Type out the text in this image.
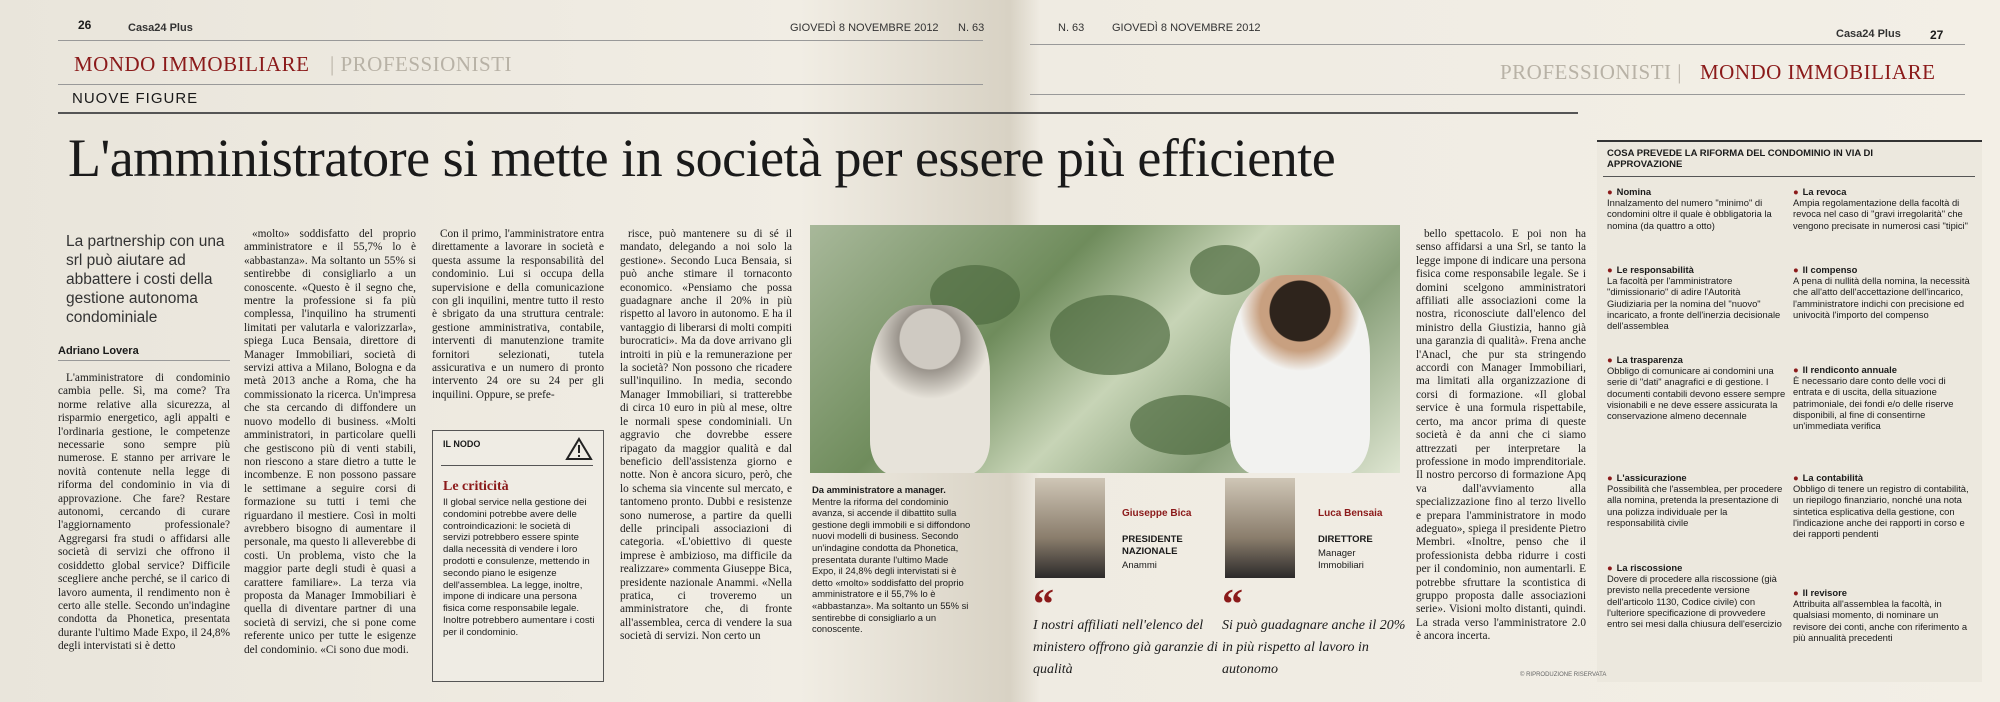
26	Casa24 Plus	GIOVEDÌ 8 NOVEMBRE 2012 N. 63
MONDO IMMOBILIARE | PROFESSIONISTI
NUOVE FIGURE
N. 63	GIOVEDÌ 8 NOVEMBRE 2012	Casa24 Plus 27
PROFESSIONISTI | MONDO IMMOBILIARE
L'amministratore si mette in società per essere più efficiente
La partnership con una srl può aiutare ad abbattere i costi della gestione autonoma condominiale
Adriano Lovera

L'amministratore di condominio cambia pelle. Sì, ma come? Tra norme relative alla sicurezza, al risparmio energetico, agli appalti e l'ordinaria gestione, le competenze necessarie sono sempre più numerose. E stanno per arrivare le novità contenute nella legge di riforma del condominio in via di approvazione. Che fare? Restare autonomi, cercando di curare l'aggiornamento professionale? Aggregarsi fra studi o affidarsi alle società di servizi che offrono il cosiddetto global service? Difficile scegliere anche perché, se il carico di lavoro aumenta, il rendimento non è certo alle stelle. Secondo un'indagine condotta da Phonetica, presentata durante l'ultimo Made Expo, il 24,8% degli intervistati si è detto

«molto» soddisfatto del proprio amministratore e il 55,7% lo è «abbastanza». Ma soltanto un 55% si sentirebbe di consigliarlo a un conoscente. «Questo è il segno che, mentre la professione si fa più complessa, l'inquilino ha strumenti limitati per valutarla e valorizzarla», spiega Luca Bensaia, direttore di Manager Immobiliari, società di servizi attiva a Milano, Bologna e da metà 2013 anche a Roma, che ha commissionato la ricerca. Un'impresa che sta cercando di diffondere un nuovo modello di business. «Molti amministratori, in particolare quelli che gestiscono più di venti stabili, non riescono a stare dietro a tutte le incombenze. E non possono passare le settimane a seguire corsi di formazione su tutti i temi che riguardano il mestiere. Così in molti avrebbero bisogno di aumentare il personale, ma questo li alleverebbe di costi. Un problema, visto che la maggior parte degli studi è quasi a carattere familiare». La terza via proposta da Manager Immobiliari è quella di diventare partner di una società di servizi, che si pone come referente unico per tutte le esigenze del condominio. «Ci sono due modi.

Con il primo, l'amministratore entra direttamente a lavorare in società e questa assume la responsabilità del condominio. Lui si occupa della supervisione e della comunicazione con gli inquilini, mentre tutto il resto è sbrigato da una struttura centrale: gestione amministrativa, contabile, interventi di manutenzione tramite fornitori selezionati, tutela assicurativa e un numero di pronto intervento 24 ore su 24 per gli inquilini. Oppure, se prefe-

risce, può mantenere su di sé il mandato, delegando a noi solo la gestione». Secondo Luca Bensaia, si può anche stimare il tornaconto economico. «Pensiamo che possa guadagnare anche il 20% in più rispetto al lavoro in autonomo. E ha il vantaggio di liberarsi di molti compiti burocratici». Ma da dove arrivano gli introiti in più e la remunerazione per la società? Non possono che ricadere sull'inquilino. In media, secondo Manager Immobiliari, si tratterebbe di circa 10 euro in più al mese, oltre le normali spese condominiali. Un aggravio che dovrebbe essere ripagato da maggior qualità e dal beneficio dell'assistenza giorno e notte. Non è ancora sicuro, però, che lo schema sia vincente sul mercato, e tantomeno pronto. Dubbi e resistenze sono numerose, a partire da quelli delle principali associazioni di categoria. «L'obiettivo di queste imprese è ambizioso, ma difficile da realizzare» commenta Giuseppe Bica, presidente nazionale Anammi. «Nella pratica, ci troveremo un amministratore che, di fronte all'assemblea, cerca di vendere la sua società di servizi. Non certo un

bello spettacolo. E poi non ha senso affidarsi a una Srl, se tanto la legge impone di indicare una persona fisica come responsabile legale. Se i domini scelgono amministratori affiliati alle associazioni come la nostra, riconosciute dall'elenco del ministro della Giustizia, hanno già una garanzia di qualità». Frena anche l'Anacl, che pur sta stringendo accordi con Manager Immobiliari, ma limitati alla organizzazione di corsi di formazione. «Il global service è una formula rispettabile, certo, ma ancor prima di queste società è da anni che ci siamo attrezzati per interpretare la professione in modo imprenditoriale. Il nostro percorso di formazione Apq va dall'avviamento alla specializzazione fino al terzo livello e prepara l'amministratore in modo adeguato», spiega il presidente Pietro Membri. «Inoltre, penso che il professionista debba ridurre i costi per il condominio, non aumentarli. E potrebbe sfruttare la scontistica di gruppo proposta dalle associazioni serie». Visioni molto distanti, quindi. La strada verso l'amministratore 2.0 è ancora incerta.

IL NODO
Le criticità
Il global service nella gestione dei condomini potrebbe avere delle controindicazioni: le società di servizi potrebbero essere spinte dalla necessità di vendere i loro prodotti e consulenze, mettendo in secondo piano le esigenze dell'assemblea. La legge, inoltre, impone di indicare una persona fisica come responsabile legale. Inoltre potrebbero aumentare i costi per il condominio.
Da amministratore a manager.
Mentre la riforma del condominio avanza, si accende il dibattito sulla gestione degli immobili e si diffondono nuovi modelli di business. Secondo un'indagine condotta da Phonetica, presentata durante l'ultimo Made Expo, il 24,8% degli intervistati si è detto «molto» soddisfatto del proprio amministratore e il 55,7% lo è «abbastanza». Ma soltanto un 55% si sentirebbe di consigliarlo a un conoscente.
Giuseppe Bica
PRESIDENTE NAZIONALE
Anammi
“
I nostri affiliati nell'elenco del ministero offrono già garanzie di qualità
Luca Bensaia
DIRETTORE
Manager Immobiliari
“
Si può guadagnare anche il 20% in più rispetto al lavoro in autonomo
COSA PREVEDE LA RIFORMA DEL CONDOMINIO IN VIA DI APPROVAZIONE
● Nomina
Innalzamento del numero "minimo" di condomini oltre il quale è obbligatoria la nomina (da quattro a otto)
● Le responsabilità
La facoltà per l'amministratore "dimissionario" di adire l'Autorità Giudiziaria per la nomina del "nuovo" incaricato, a fronte dell'inerzia decisionale dell'assemblea
● La trasparenza
Obbligo di comunicare ai condomini una serie di "dati" anagrafici e di gestione. I documenti contabili devono essere sempre visionabili e ne deve essere assicurata la conservazione almeno decennale
● L'assicurazione
Possibilità che l'assemblea, per procedere alla nomina, pretenda la presentazione di una polizza individuale per la responsabilità civile
● La riscossione
Dovere di procedere alla riscossione (già previsto nella precedente versione dell'articolo 1130, Codice civile) con l'ulteriore specificazione di provvedere entro sei mesi dalla chiusura dell'esercizio
● La revoca
Ampia regolamentazione della facoltà di revoca nel caso di "gravi irregolarità" che vengono precisate in numerosi casi "tipici"
● Il compenso
A pena di nullità della nomina, la necessità che all'atto dell'accettazione dell'incarico, l'amministratore indichi con precisione ed univocità l'importo del compenso
● Il rendiconto annuale
È necessario dare conto delle voci di entrata e di uscita, della situazione patrimoniale, dei fondi e/o delle riserve disponibili, al fine di consentirne un'immediata verifica
● La contabilità
Obbligo di tenere un registro di contabilità, un riepilogo finanziario, nonché una nota sintetica esplicativa della gestione, con l'indicazione anche dei rapporti in corso e dei rapporti pendenti
● Il revisore
Attribuita all'assemblea la facoltà, in qualsiasi momento, di nominare un revisore dei conti, anche con riferimento a più annualità precedenti
© RIPRODUZIONE RISERVATA
